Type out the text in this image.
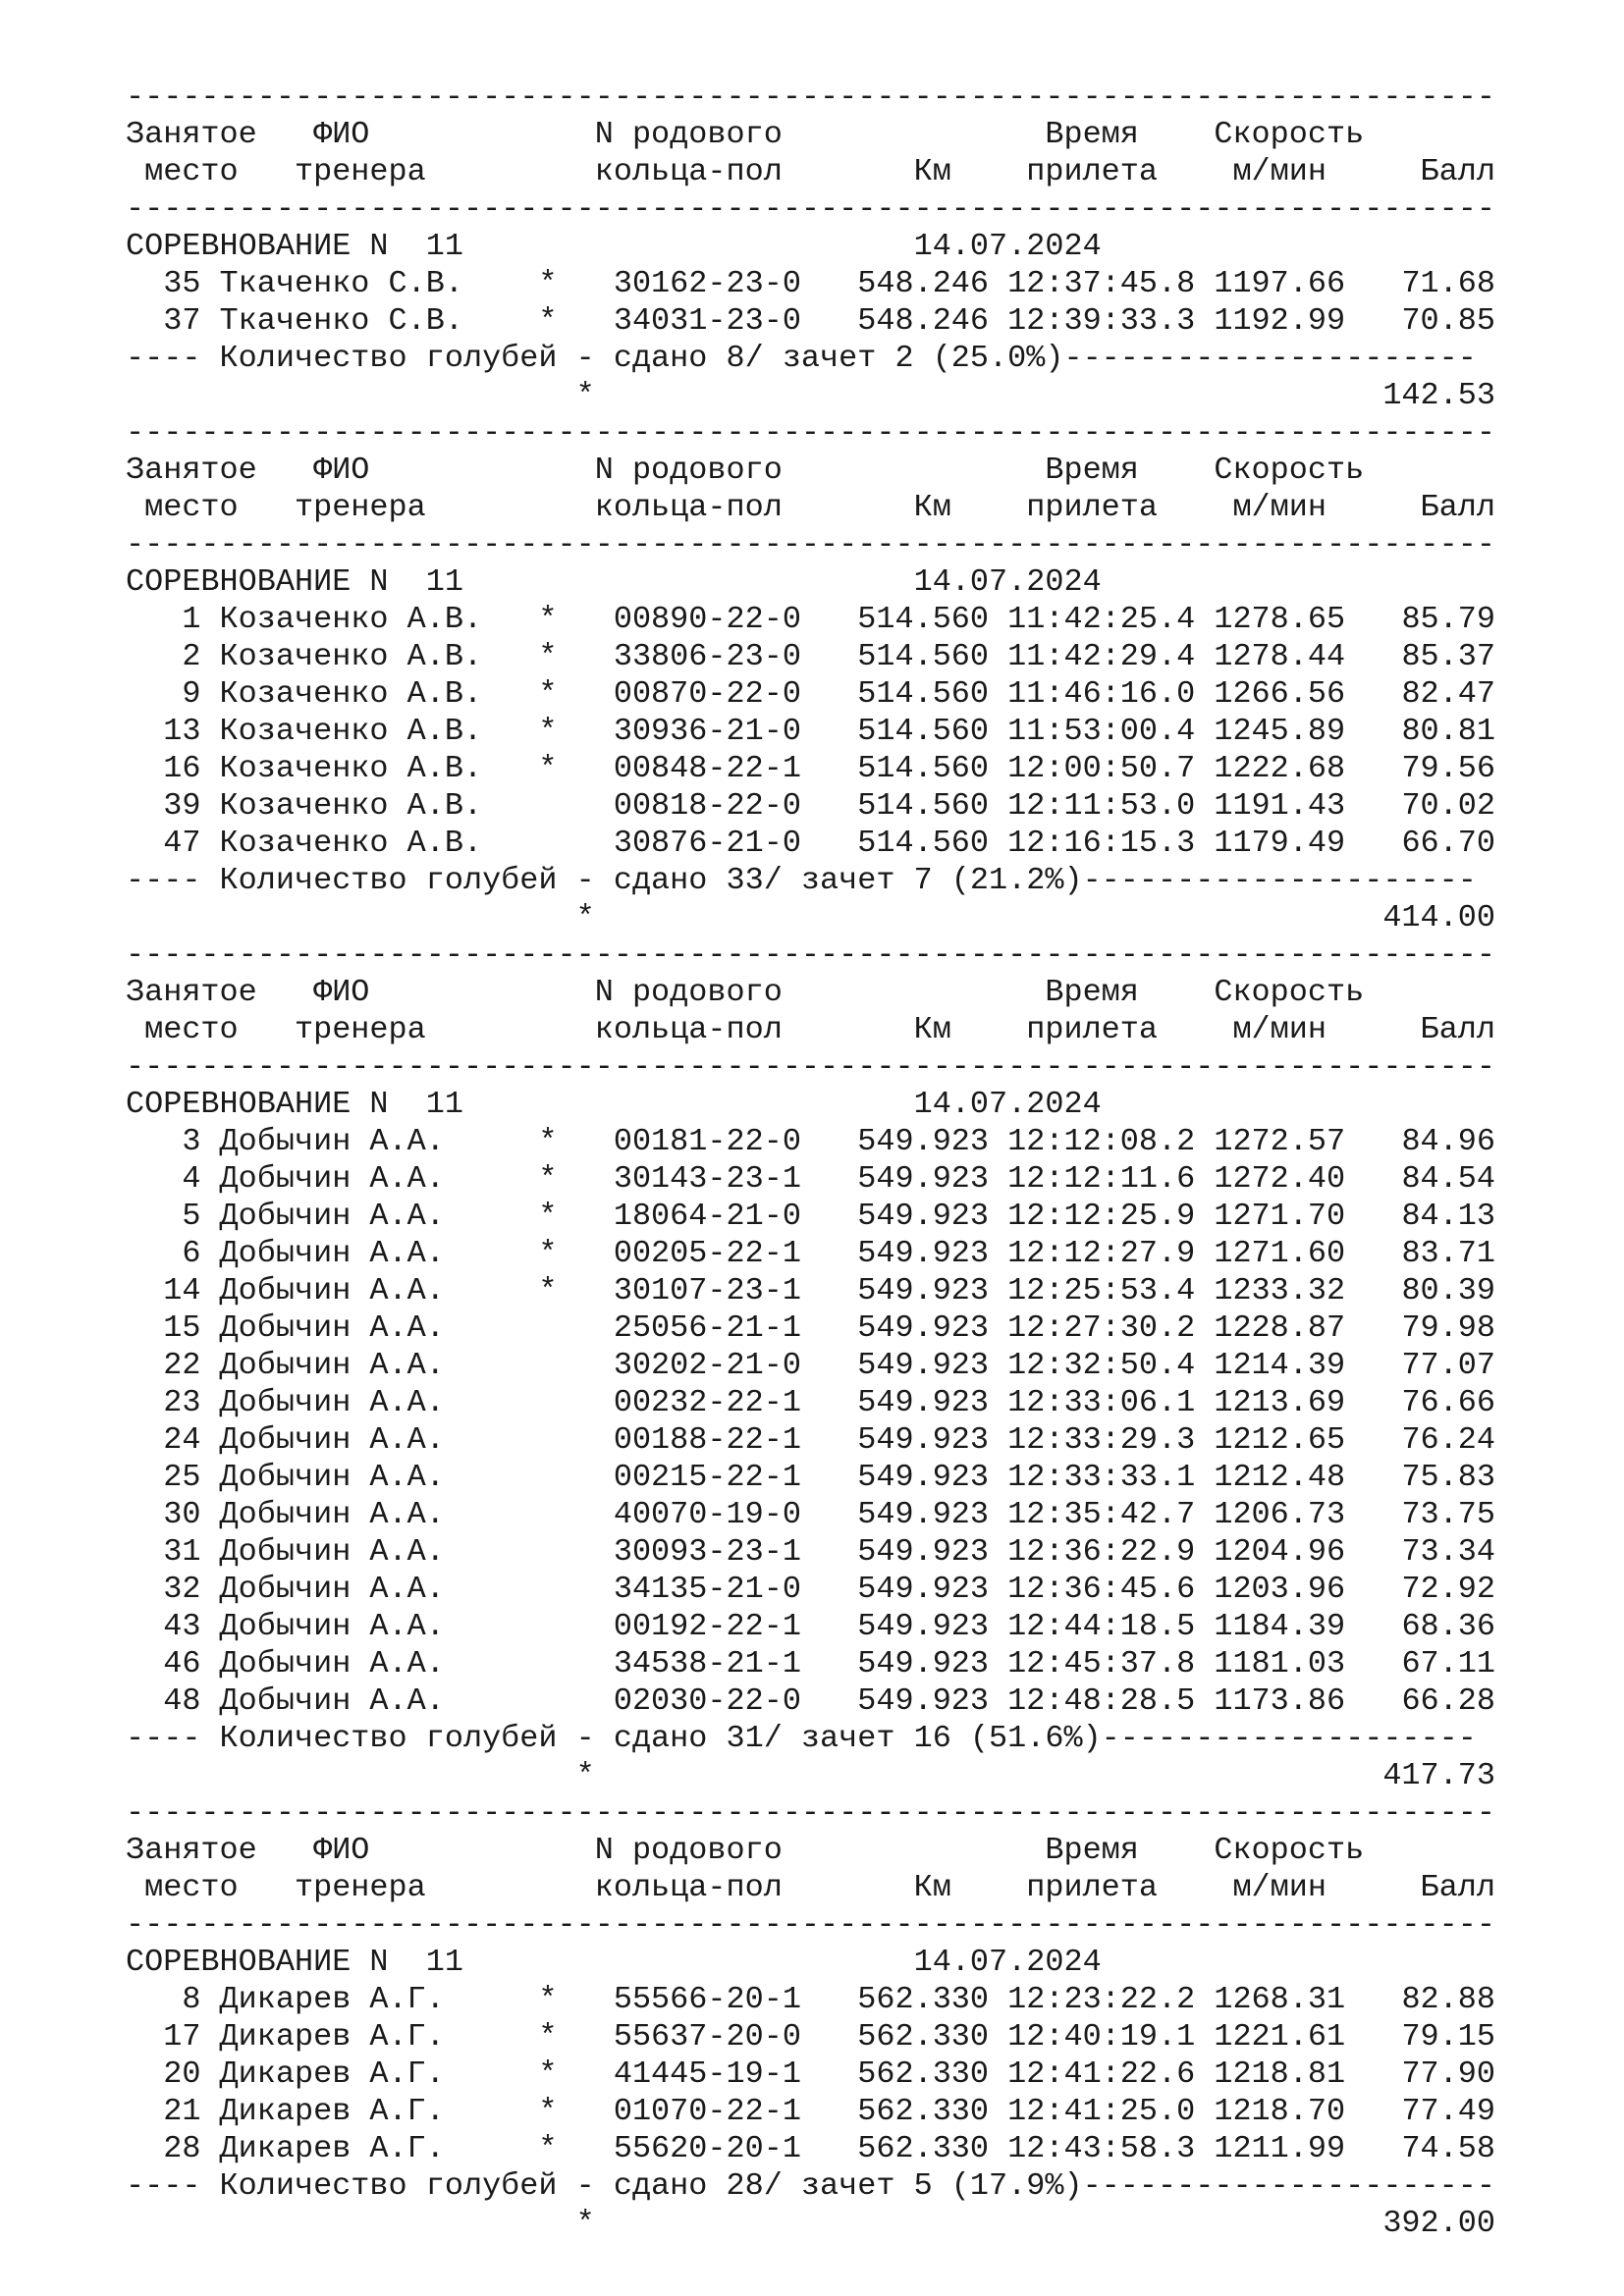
-------------------------------------------------------------------------
Занятое ФИО	N родового	Время Скорость
место тренера	кольца-пол	Км прилета м/мин	Балл
-------------------------------------------------------------------------
СОРЕВНОВАНИЕ N  11	14.07.2024
35 Ткаченко С.В. * 30162-23-0 548.246 12:37:45.8 1197.66 71.68
37 Ткаченко С.В. * 34031-23-0 548.246 12:39:33.3 1192.99 70.85
---- Количество голубей - сдано 8/ зачет 2 (25.0%)----------------------
*	142.53
-------------------------------------------------------------------------
Занятое ФИО	N родового	Время Скорость
место тренера	кольца-пол	Км прилета м/мин	Балл
-------------------------------------------------------------------------
СОРЕВНОВАНИЕ N  11	14.07.2024
1 Козаченко А.В. * 00890-22-0 514.560 11:42:25.4 1278.65 85.79
2 Козаченко А.В. * 33806-23-0 514.560 11:42:29.4 1278.44 85.37
9 Козаченко А.В. * 00870-22-0 514.560 11:46:16.0 1266.56 82.47
13 Козаченко А.В. * 30936-21-0 514.560 11:53:00.4 1245.89 80.81
16 Козаченко А.В. * 00848-22-1 514.560 12:00:50.7 1222.68 79.56
39 Козаченко А.В.	00818-22-0 514.560 12:11:53.0 1191.43 70.02
47 Козаченко А.В.	30876-21-0 514.560 12:16:15.3 1179.49 66.70
---- Количество голубей - сдано 33/ зачет 7 (21.2%)---------------------
*	414.00
-------------------------------------------------------------------------
Занятое ФИО	N родового	Время Скорость
место тренера	кольца-пол	Км прилета м/мин	Балл
-------------------------------------------------------------------------
СОРЕВНОВАНИЕ N  11	14.07.2024
3 Добычин А.А.	* 00181-22-0 549.923 12:12:08.2 1272.57 84.96
4 Добычин А.А.	* 30143-23-1 549.923 12:12:11.6 1272.40 84.54
5 Добычин А.А.	* 18064-21-0 549.923 12:12:25.9 1271.70 84.13
6 Добычин А.А.	* 00205-22-1 549.923 12:12:27.9 1271.60 83.71
14 Добычин А.А.	* 30107-23-1 549.923 12:25:53.4 1233.32 80.39
15 Добычин А.А.	25056-21-1 549.923 12:27:30.2 1228.87 79.98
22 Добычин А.А.	30202-21-0 549.923 12:32:50.4 1214.39 77.07
23 Добычин А.А.	00232-22-1 549.923 12:33:06.1 1213.69 76.66
24 Добычин А.А.	00188-22-1 549.923 12:33:29.3 1212.65 76.24
25 Добычин А.А.	00215-22-1 549.923 12:33:33.1 1212.48 75.83
30 Добычин А.А.	40070-19-0 549.923 12:35:42.7 1206.73 73.75
31 Добычин А.А.	30093-23-1 549.923 12:36:22.9 1204.96 73.34
32 Добычин А.А.	34135-21-0 549.923 12:36:45.6 1203.96 72.92
43 Добычин А.А.	00192-22-1 549.923 12:44:18.5 1184.39 68.36
46 Добычин А.А.	34538-21-1 549.923 12:45:37.8 1181.03 67.11
48 Добычин А.А.	02030-22-0 549.923 12:48:28.5 1173.86 66.28
---- Количество голубей - сдано 31/ зачет 16 (51.6%)--------------------
*	417.73
-------------------------------------------------------------------------
Занятое ФИО	N родового	Время Скорость
место тренера	кольца-пол	Км прилета м/мин	Балл
-------------------------------------------------------------------------
СОРЕВНОВАНИЕ N  11	14.07.2024
8 Дикарев А.Г.	* 55566-20-1 562.330 12:23:22.2 1268.31 82.88
17 Дикарев А.Г.	* 55637-20-0 562.330 12:40:19.1 1221.61 79.15
20 Дикарев А.Г.	* 41445-19-1 562.330 12:41:22.6 1218.81 77.90
21 Дикарев А.Г.	* 01070-22-1 562.330 12:41:25.0 1218.70 77.49
28 Дикарев А.Г.	* 55620-20-1 562.330 12:43:58.3 1211.99 74.58
---- Количество голубей - сдано 28/ зачет 5 (17.9%)----------------------
*	392.00
